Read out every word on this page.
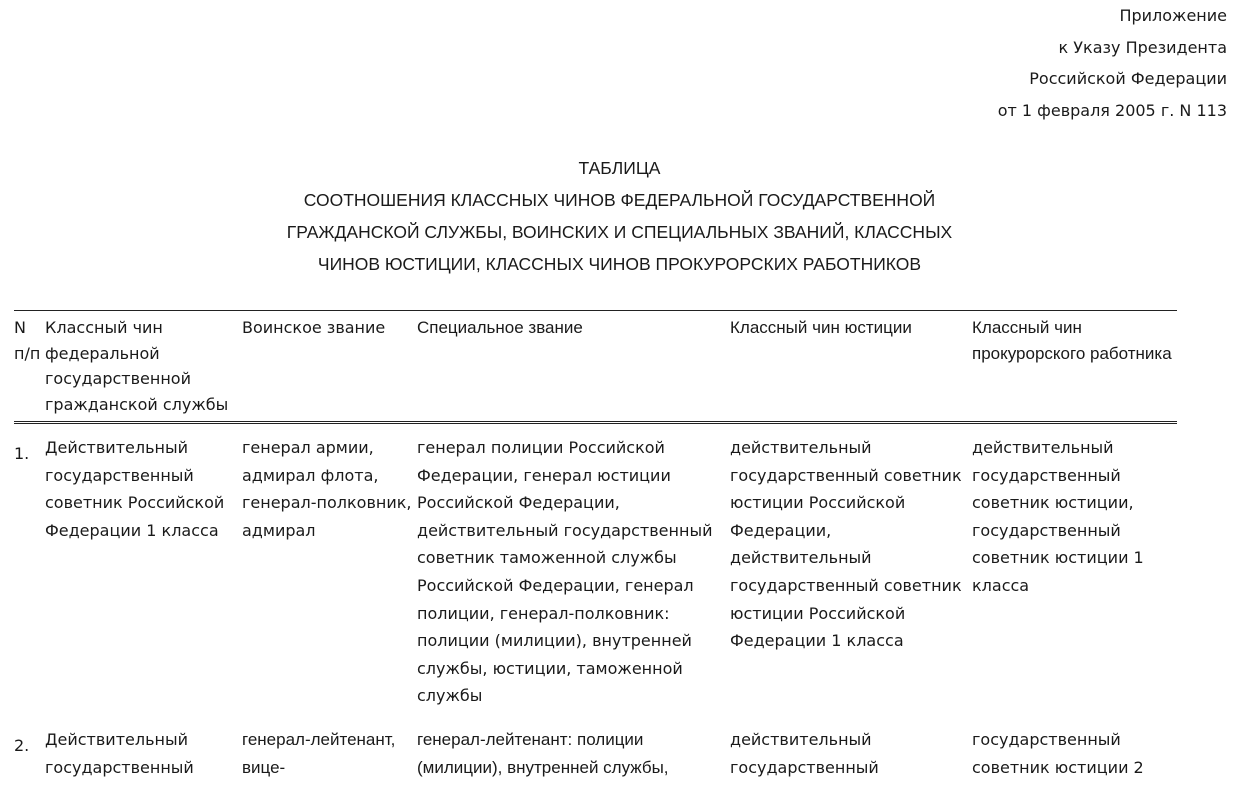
Приложение
к Указу Президента
Российской Федерации
от 1 февраля 2005 г. N 113
ТАБЛИЦА
СООТНОШЕНИЯ КЛАССНЫХ ЧИНОВ ФЕДЕРАЛЬНОЙ ГОСУДАРСТВЕННОЙ
ГРАЖДАНСКОЙ СЛУЖБЫ, ВОИНСКИХ И СПЕЦИАЛЬНЫХ ЗВАНИЙ, КЛАССНЫХ
ЧИНОВ ЮСТИЦИИ, КЛАССНЫХ ЧИНОВ ПРОКУРОРСКИХ РАБОТНИКОВ
N п/п	Классный чин федеральной государственной гражданской службы	Воинское звание	Специальное звание	Классный чин юстиции	Классный чин прокурорского работника
1.	Действительный государственный советник Российской Федерации 1 класса	генерал армии, адмирал флота, генерал-полковник, адмирал	генерал полиции Российской Федерации, генерал юстиции Российской Федерации, действительный государственный советник таможенной службы Российской Федерации, генерал полиции, генерал-полковник: полиции (милиции), внутренней службы, юстиции, таможенной службы	действительный государственный советник юстиции Российской Федерации, действительный государственный советник юстиции Российской Федерации 1 класса	действительный государственный советник юстиции, государственный советник юстиции 1 класса
2.	Действительный государственный	генерал-лейтенант, вице-	генерал-лейтенант: полиции (милиции), внутренней службы,	действительный государственный	государственный советник юстиции 2
